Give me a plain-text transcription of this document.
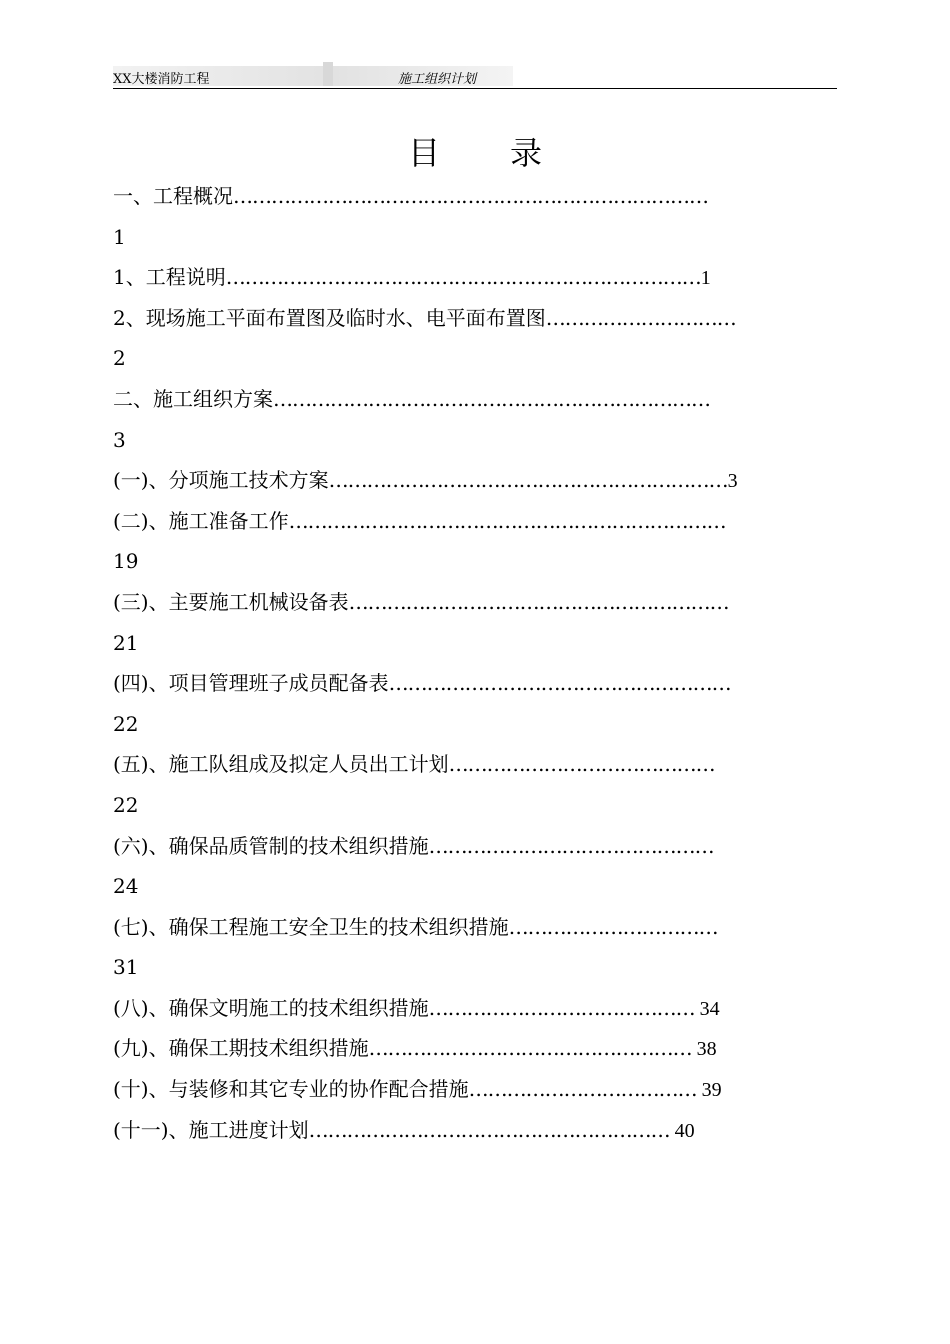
XX大楼消防工程	施工组织计划
目录
一、工程概况…………………………………………………………………
1
1、工程说明…………………………………………………………………1
2、现场施工平面布置图及临时水、电平面布置图…………………………
2
二、施工组织方案……………………………………………………………
3
(一)、分项施工技术方案………………………………………………………3
(二)、施工准备工作……………………………………………………………
19
(三)、主要施工机械设备表……………………………………………………
21
(四)、项目管理班子成员配备表………………………………………………
22
(五)、施工队组成及拟定人员出工计划……………………………………
22
(六)、确保品质管制的技术组织措施………………………………………
24
(七)、确保工程施工安全卫生的技术组织措施……………………………
31
(八)、确保文明施工的技术组织措施…………………………………… 34
(九)、确保工期技术组织措施…………………………………………… 38
(十)、与装修和其它专业的协作配合措施……………………………… 39
(十一)、施工进度计划………………………………………………… 40
